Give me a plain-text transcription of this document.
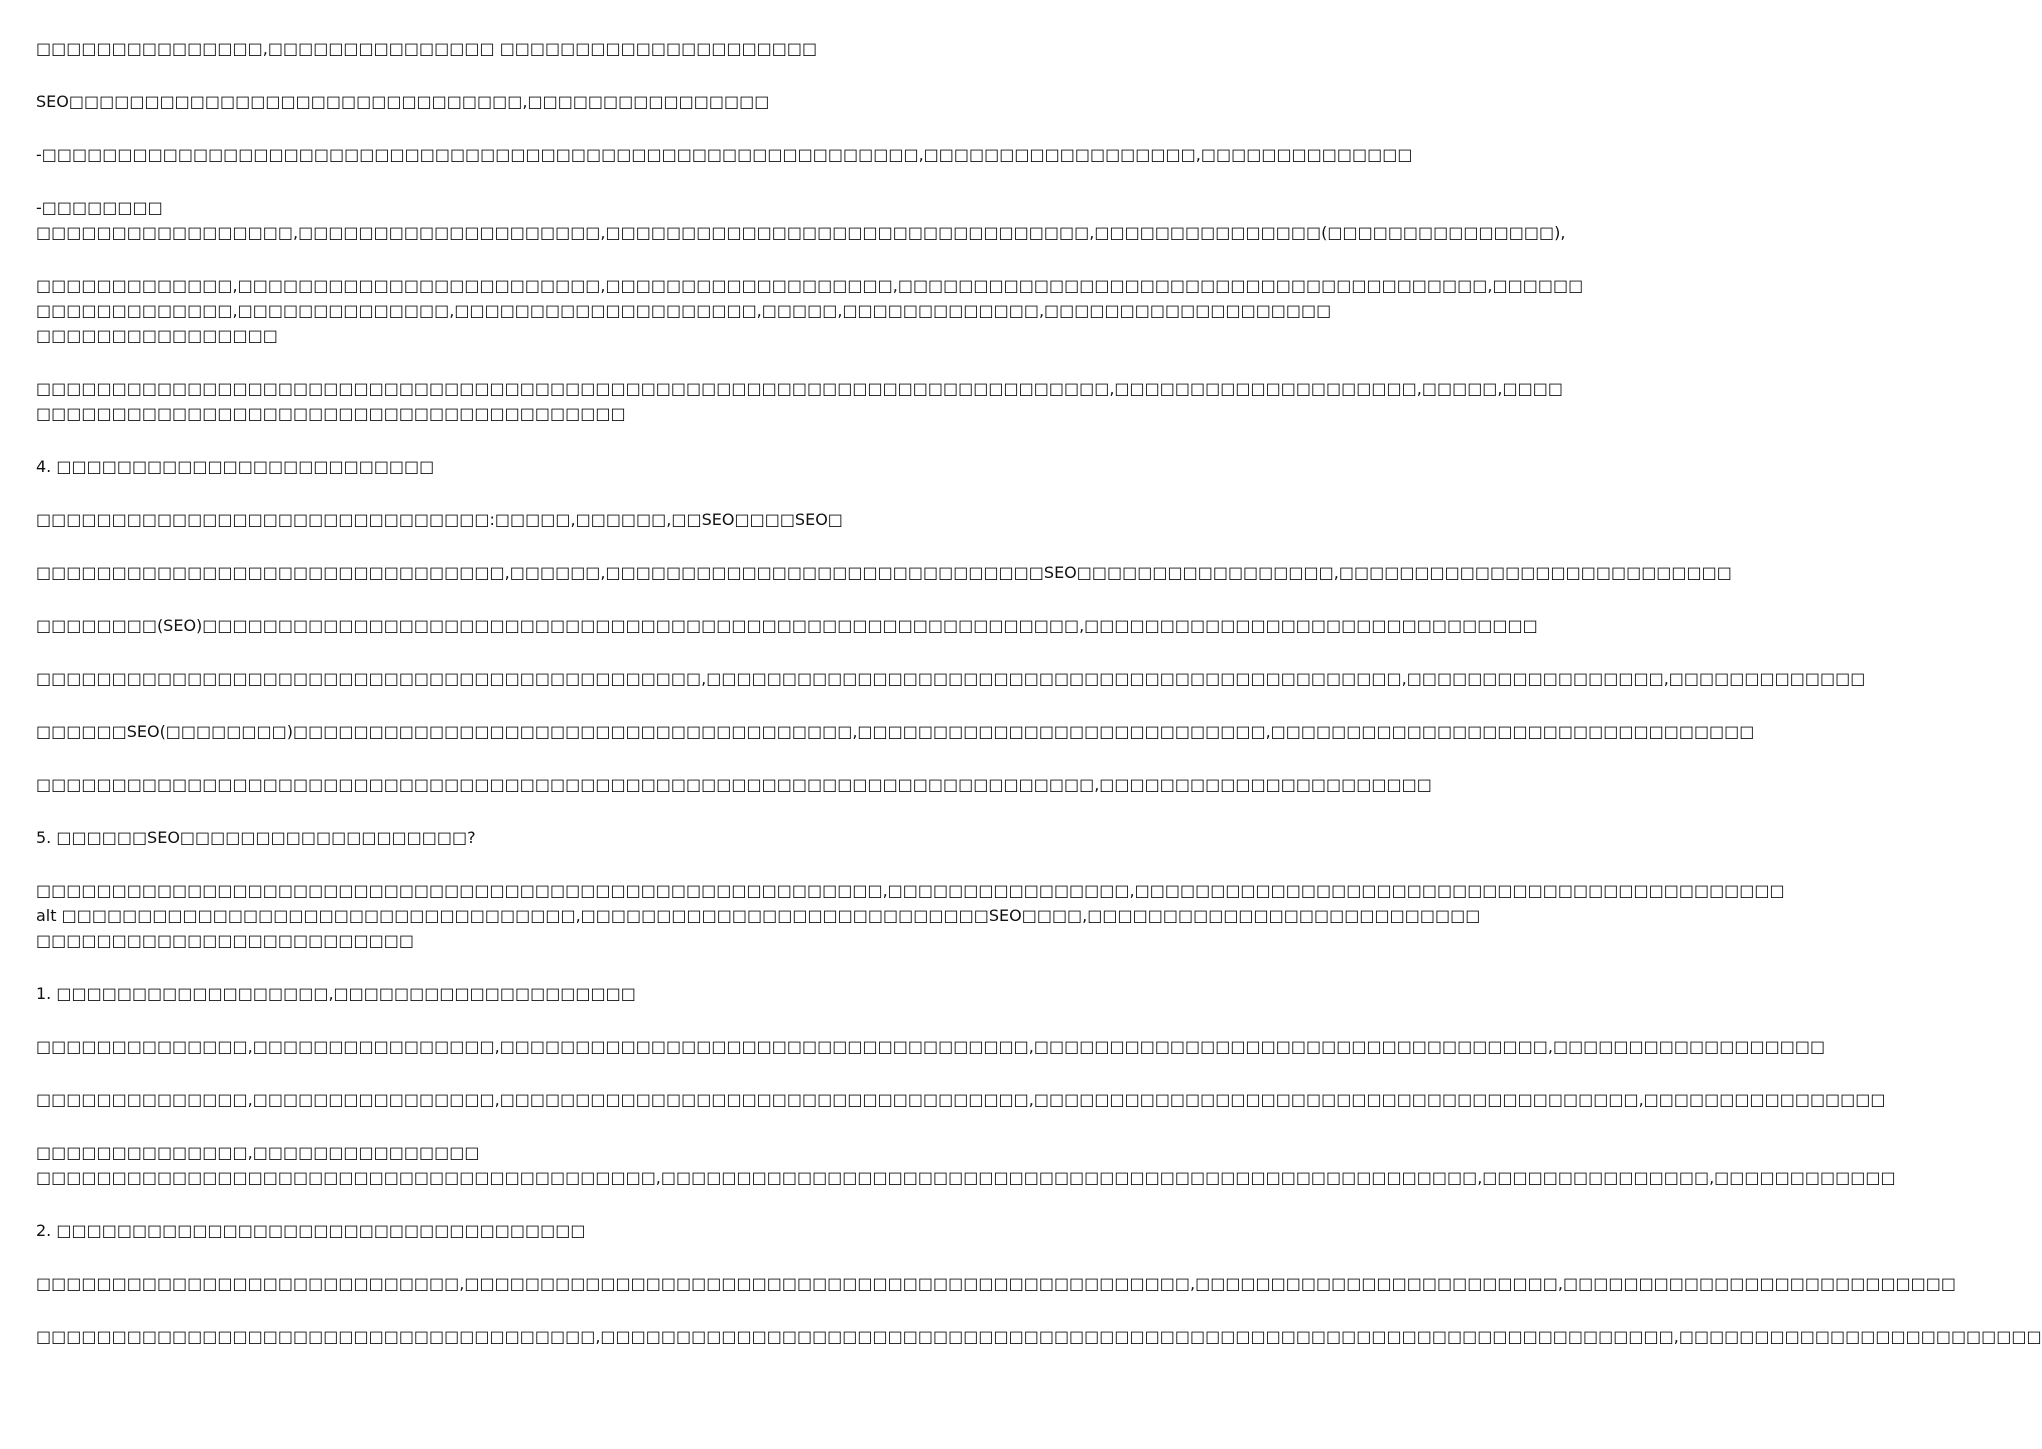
□□□□□□□□□□□□□□□,□□□□□□□□□□□□□□□ □□□□□□□□□□□□□□□□□□□□□

SEO□□□□□□□□□□□□□□□□□□□□□□□□□□□□□□,□□□□□□□□□□□□□□□□

-□□□□□□□□□□□□□□□□□□□□□□□□□□□□□□□□□□□□□□□□□□□□□□□□□□□□□□□□□□,□□□□□□□□□□□□□□□□□□,□□□□□□□□□□□□□□

-□□□□□□□□
□□□□□□□□□□□□□□□□□,□□□□□□□□□□□□□□□□□□□□,□□□□□□□□□□□□□□□□□□□□□□□□□□□□□□□□,□□□□□□□□□□□□□□□(□□□□□□□□□□□□□□□),

□□□□□□□□□□□□□,□□□□□□□□□□□□□□□□□□□□□□□□,□□□□□□□□□□□□□□□□□□□,□□□□□□□□□□□□□□□□□□□□□□□□□□□□□□□□□□□□□□□,□□□□□□
□□□□□□□□□□□□□,□□□□□□□□□□□□□□,□□□□□□□□□□□□□□□□□□□□,□□□□□,□□□□□□□□□□□□□,□□□□□□□□□□□□□□□□□□□
□□□□□□□□□□□□□□□□

□□□□□□□□□□□□□□□□□□□□□□□□□□□□□□□□□□□□□□□□□□□□□□□□□□□□□□□□□□□□□□□□□□□□□□□,□□□□□□□□□□□□□□□□□□□□,□□□□□,□□□□
□□□□□□□□□□□□□□□□□□□□□□□□□□□□□□□□□□□□□□□

4. □□□□□□□□□□□□□□□□□□□□□□□□□

□□□□□□□□□□□□□□□□□□□□□□□□□□□□□□:□□□□□,□□□□□□,□□SEO□□□□SEO□

□□□□□□□□□□□□□□□□□□□□□□□□□□□□□□□,□□□□□□,□□□□□□□□□□□□□□□□□□□□□□□□□□□□□SEO□□□□□□□□□□□□□□□□□,□□□□□□□□□□□□□□□□□□□□□□□□□□

□□□□□□□□(SEO)□□□□□□□□□□□□□□□□□□□□□□□□□□□□□□□□□□□□□□□□□□□□□□□□□□□□□□□□□□,□□□□□□□□□□□□□□□□□□□□□□□□□□□□□□

□□□□□□□□□□□□□□□□□□□□□□□□□□□□□□□□□□□□□□□□□□□□,□□□□□□□□□□□□□□□□□□□□□□□□□□□□□□□□□□□□□□□□□□□□□□,□□□□□□□□□□□□□□□□□,□□□□□□□□□□□□□

□□□□□□SEO(□□□□□□□□)□□□□□□□□□□□□□□□□□□□□□□□□□□□□□□□□□□□□□,□□□□□□□□□□□□□□□□□□□□□□□□□□□,□□□□□□□□□□□□□□□□□□□□□□□□□□□□□□□□

□□□□□□□□□□□□□□□□□□□□□□□□□□□□□□□□□□□□□□□□□□□□□□□□□□□□□□□□□□□□□□□□□□□□□□,□□□□□□□□□□□□□□□□□□□□□□

5. □□□□□□SEO□□□□□□□□□□□□□□□□□□□?

□□□□□□□□□□□□□□□□□□□□□□□□□□□□□□□□□□□□□□□□□□□□□□□□□□□□□□□□,□□□□□□□□□□□□□□□□,□□□□□□□□□□□□□□□□□□□□□□□□□□□□□□□□□□□□□□□□□□□
alt □□□□□□□□□□□□□□□□□□□□□□□□□□□□□□□□□□,□□□□□□□□□□□□□□□□□□□□□□□□□□□SEO□□□□,□□□□□□□□□□□□□□□□□□□□□□□□□□
□□□□□□□□□□□□□□□□□□□□□□□□□

1. □□□□□□□□□□□□□□□□□□,□□□□□□□□□□□□□□□□□□□□

□□□□□□□□□□□□□□,□□□□□□□□□□□□□□□□,□□□□□□□□□□□□□□□□□□□□□□□□□□□□□□□□□□□,□□□□□□□□□□□□□□□□□□□□□□□□□□□□□□□□□□,□□□□□□□□□□□□□□□□□□

□□□□□□□□□□□□□□,□□□□□□□□□□□□□□□□,□□□□□□□□□□□□□□□□□□□□□□□□□□□□□□□□□□□,□□□□□□□□□□□□□□□□□□□□□□□□□□□□□□□□□□□□□□□□,□□□□□□□□□□□□□□□□

□□□□□□□□□□□□□□,□□□□□□□□□□□□□□□
□□□□□□□□□□□□□□□□□□□□□□□□□□□□□□□□□□□□□□□□□,□□□□□□□□□□□□□□□□□□□□□□□□□□□□□□□□□□□□□□□□□□□□□□□□□□□□□□,□□□□□□□□□□□□□□□,□□□□□□□□□□□□

2. □□□□□□□□□□□□□□□□□□□□□□□□□□□□□□□□□□□

□□□□□□□□□□□□□□□□□□□□□□□□□□□□,□□□□□□□□□□□□□□□□□□□□□□□□□□□□□□□□□□□□□□□□□□□□□□□□,□□□□□□□□□□□□□□□□□□□□□□□□,□□□□□□□□□□□□□□□□□□□□□□□□□□

□□□□□□□□□□□□□□□□□□□□□□□□□□□□□□□□□□□□□,□□□□□□□□□□□□□□□□□□□□□□□□□□□□□□□□□□□□□□□□□□□□□□□□□□□□□□□□□□□□□□□□□□□□□□□,□□□□□□□□□□□□□□□□□□□□□□□□
